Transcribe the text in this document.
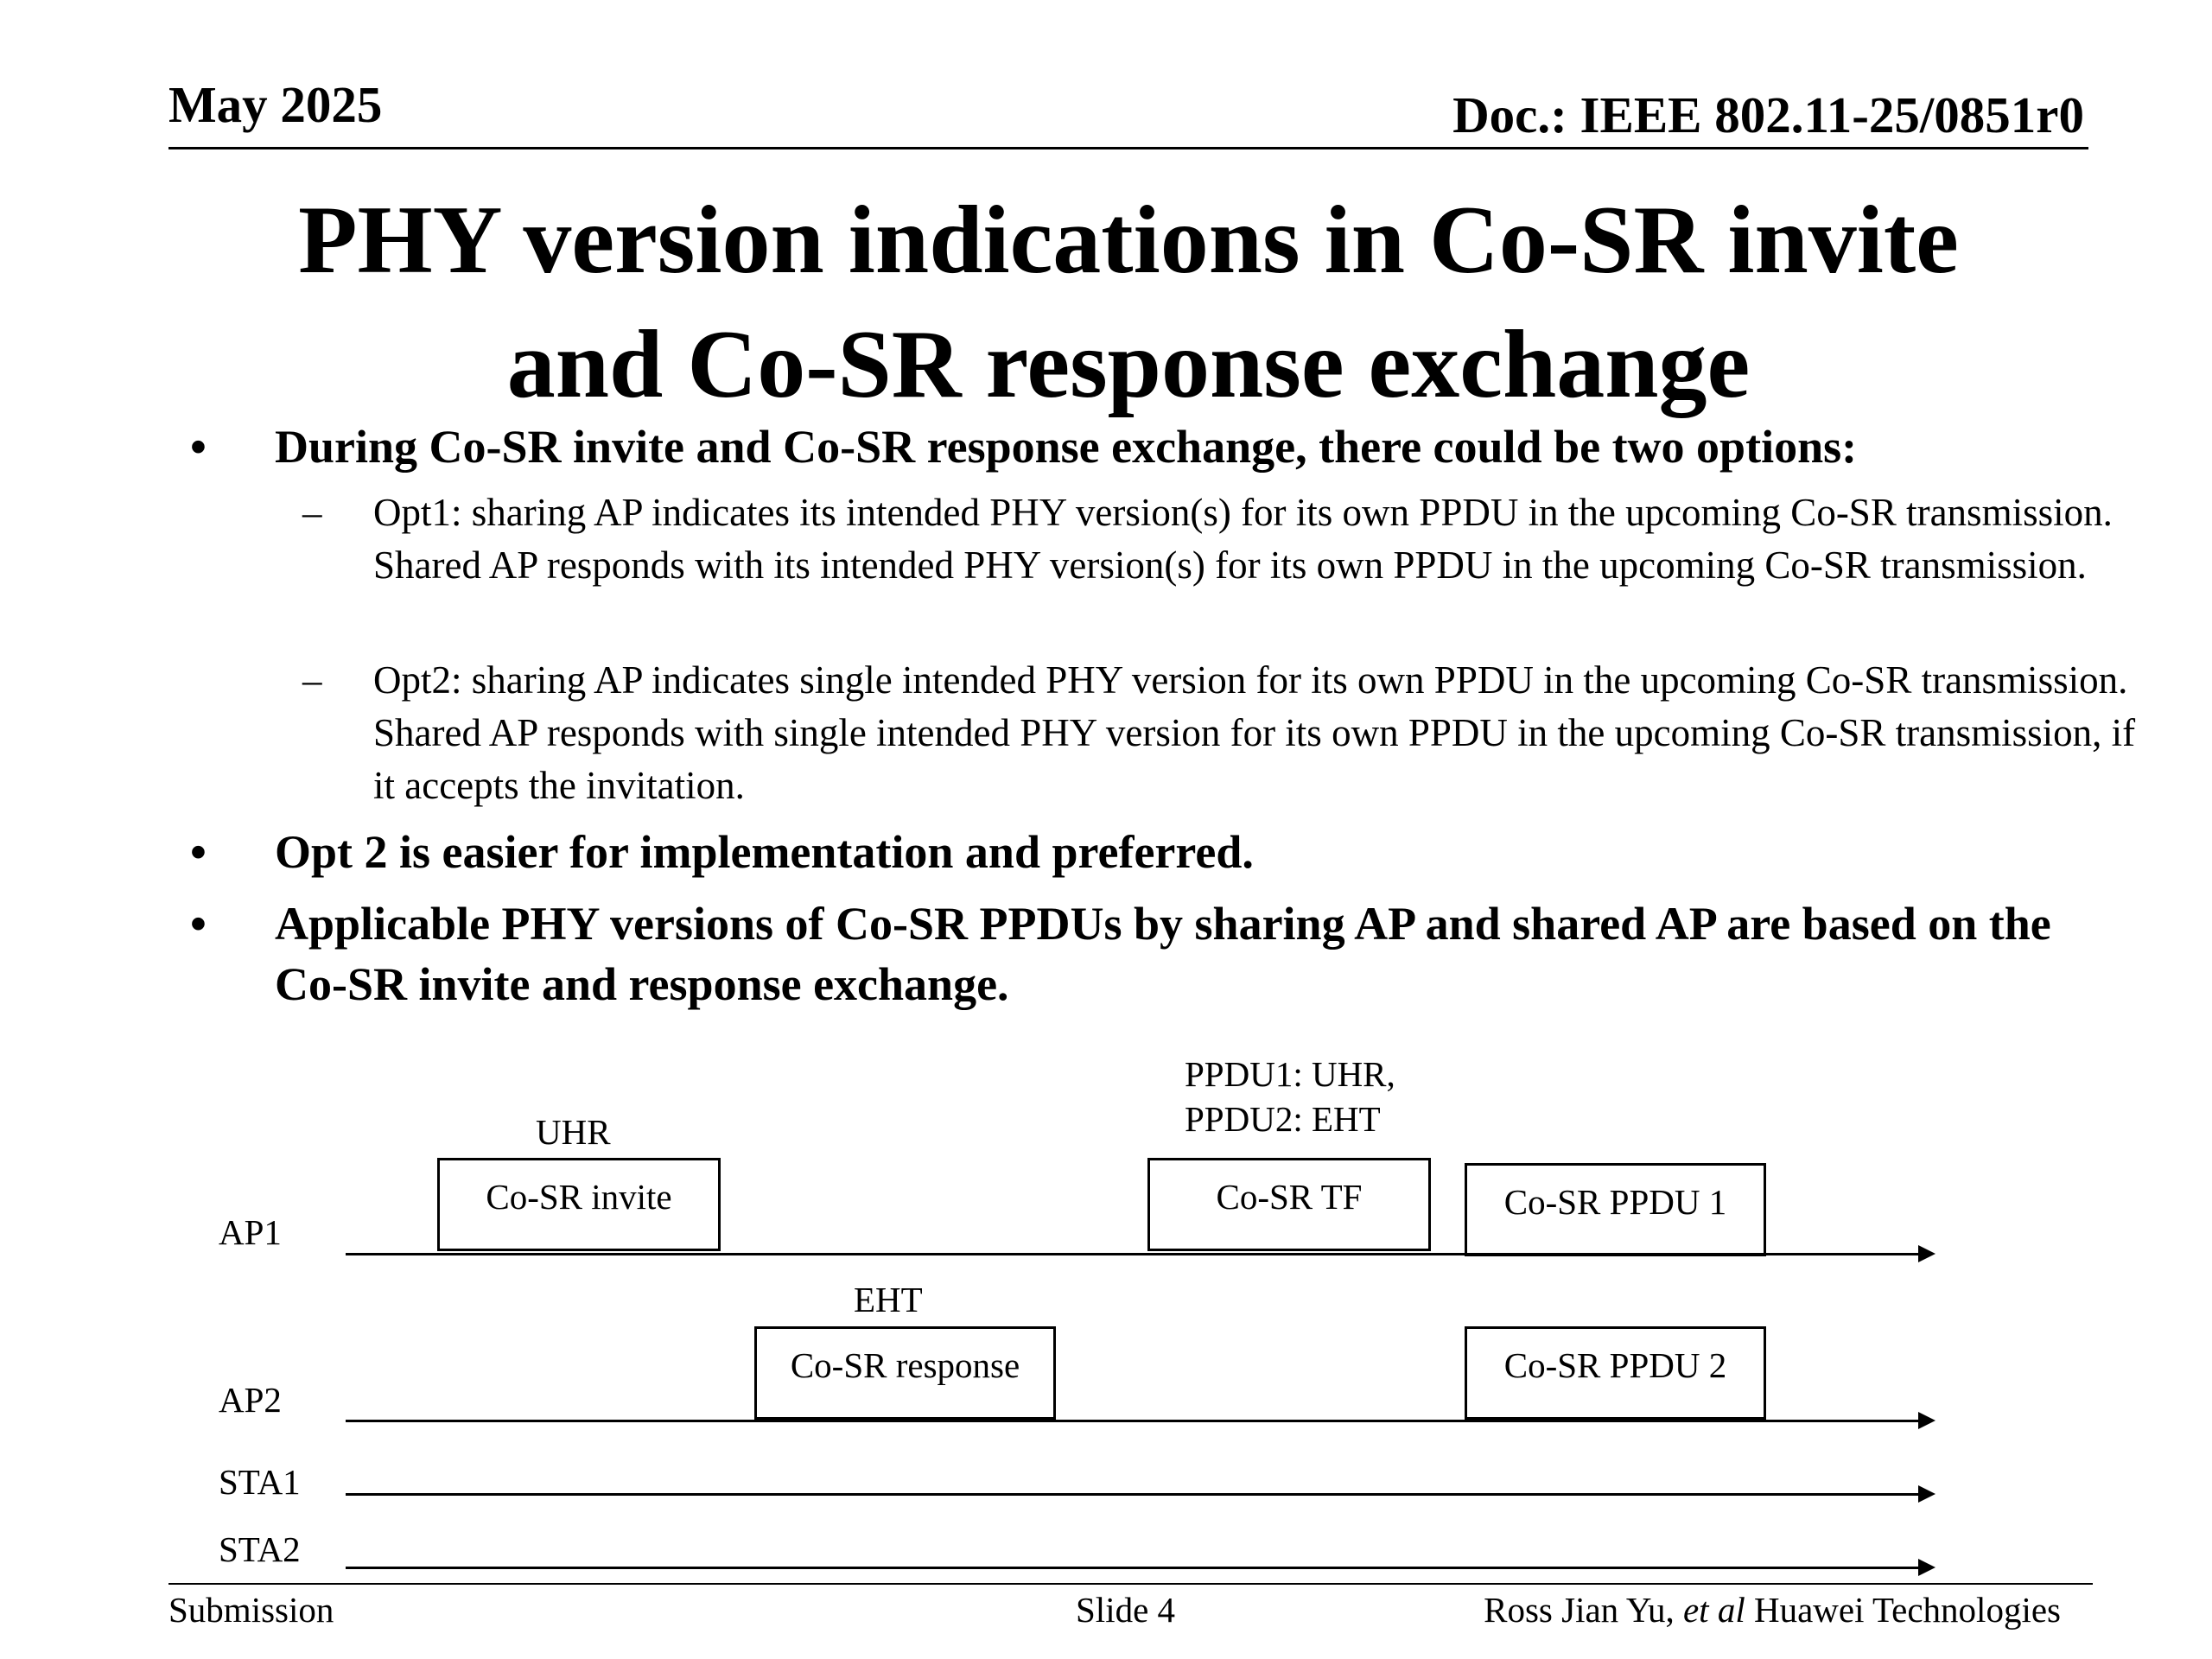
May 2025	Doc.: IEEE 802.11-25/0851r0
PHY version indications in Co-SR invite
and Co-SR response exchange
• During Co-SR invite and Co-SR response exchange, there could be two options:
– Opt1: sharing AP indicates its intended PHY version(s) for its own PPDU in the upcoming Co-SR transmission. Shared AP responds with its intended PHY version(s) for its own PPDU in the upcoming Co-SR transmission.
– Opt2: sharing AP indicates single intended PHY version for its own PPDU in the upcoming Co-SR transmission. Shared AP responds with single intended PHY version for its own PPDU in the upcoming Co-SR transmission, if it accepts the invitation.
• Opt 2 is easier for implementation and preferred.
• Applicable PHY versions of Co-SR PPDUs by sharing AP and shared AP are based on the Co-SR invite and response exchange.
UHR
EHT
PPDU1: UHR,
PPDU2: EHT
Co-SR invite	Co-SR TF	Co-SR PPDU 1
Co-SR response	Co-SR PPDU 2
AP1
AP2
STA1
STA2
Submission	Slide 4	Ross Jian Yu, et al Huawei Technologies
